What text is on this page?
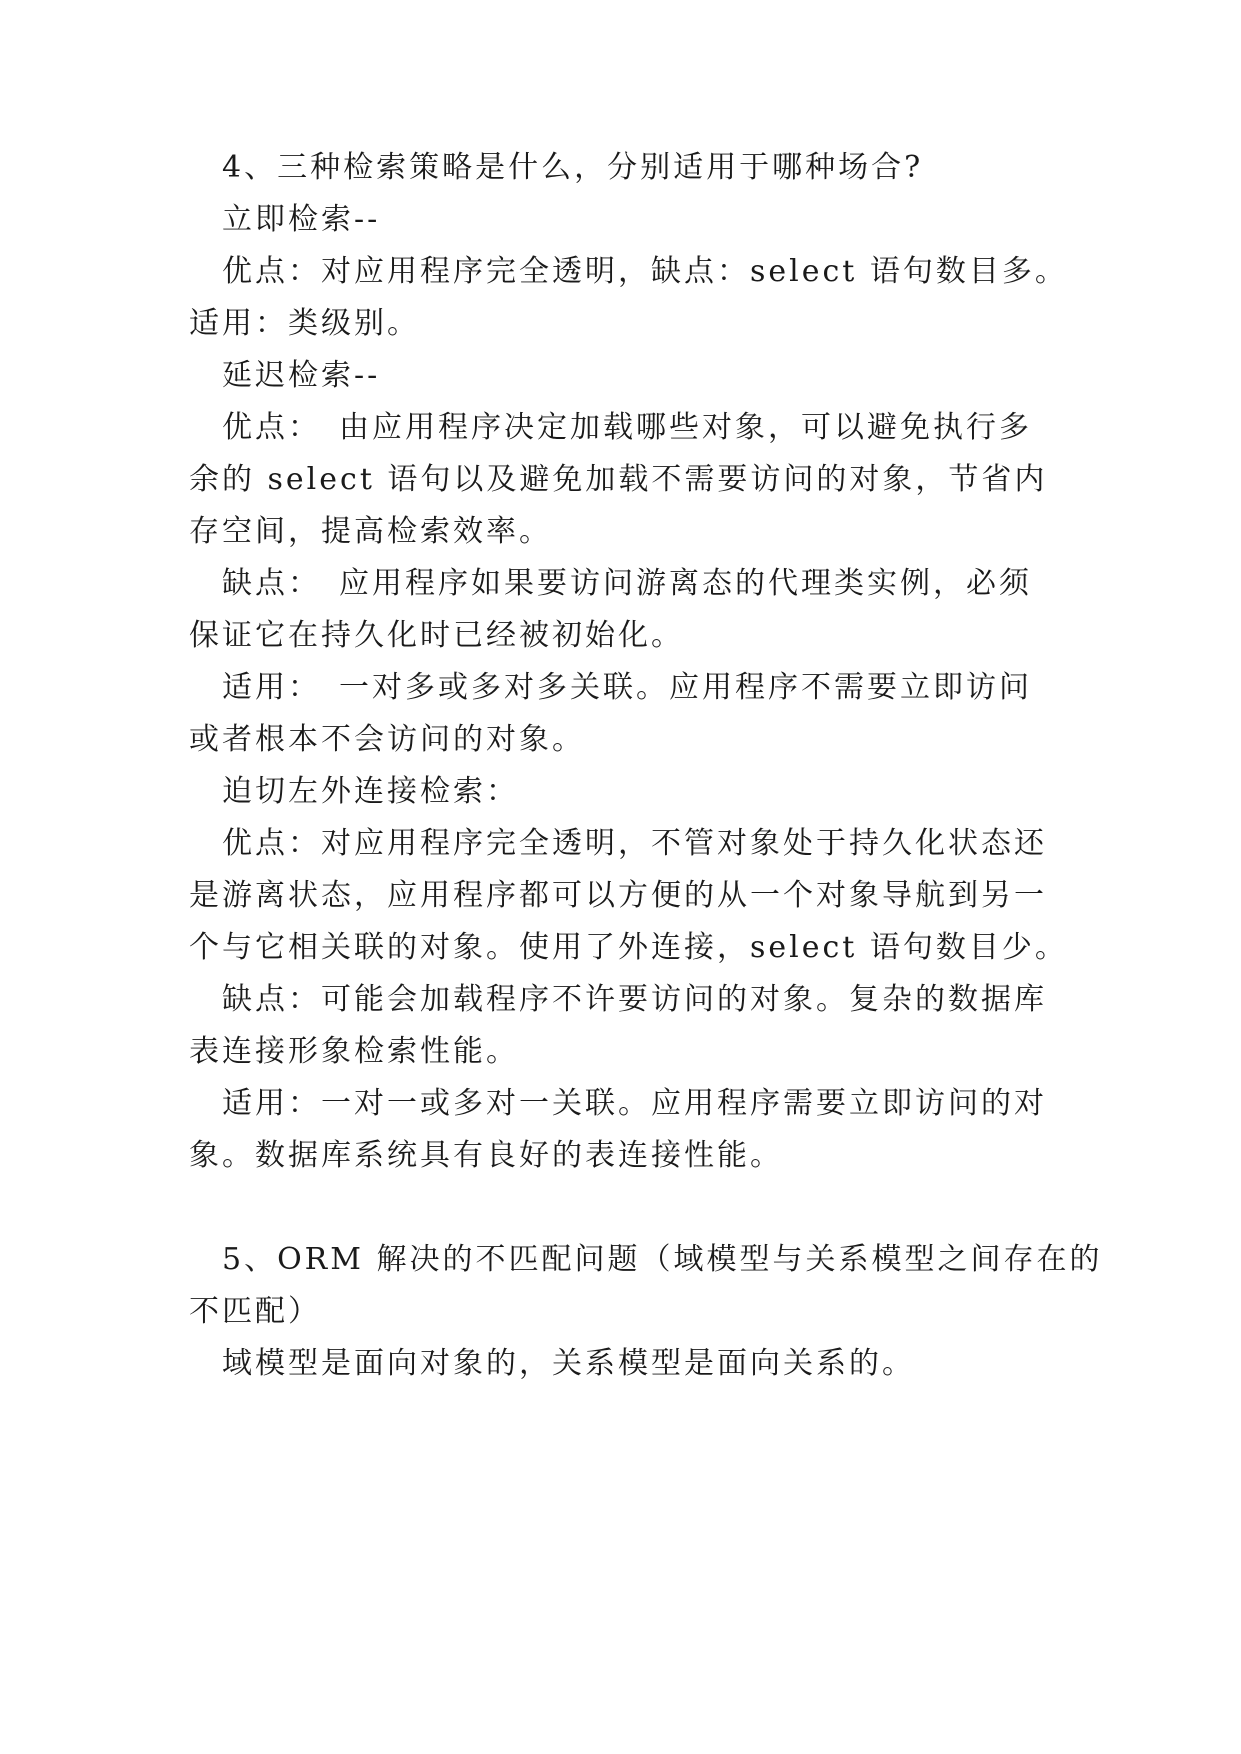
4、三种检索策略是什么，分别适用于哪种场合?

立即检索--

优点：对应用程序完全透明，缺点：select 语句数目多。

适用：类级别。

延迟检索--

优点：　由应用程序决定加载哪些对象，可以避免执行多

余的 select 语句以及避免加载不需要访问的对象，节省内

存空间，提高检索效率。

缺点：　应用程序如果要访问游离态的代理类实例，必须

保证它在持久化时已经被初始化。

适用：　一对多或多对多关联。应用程序不需要立即访问

或者根本不会访问的对象。

迫切左外连接检索：

优点：对应用程序完全透明，不管对象处于持久化状态还

是游离状态，应用程序都可以方便的从一个对象导航到另一

个与它相关联的对象。使用了外连接，select 语句数目少。

缺点：可能会加载程序不许要访问的对象。复杂的数据库

表连接形象检索性能。

适用：一对一或多对一关联。应用程序需要立即访问的对

象。数据库系统具有良好的表连接性能。

5、ORM 解决的不匹配问题（域模型与关系模型之间存在的

不匹配）

域模型是面向对象的，关系模型是面向关系的。
